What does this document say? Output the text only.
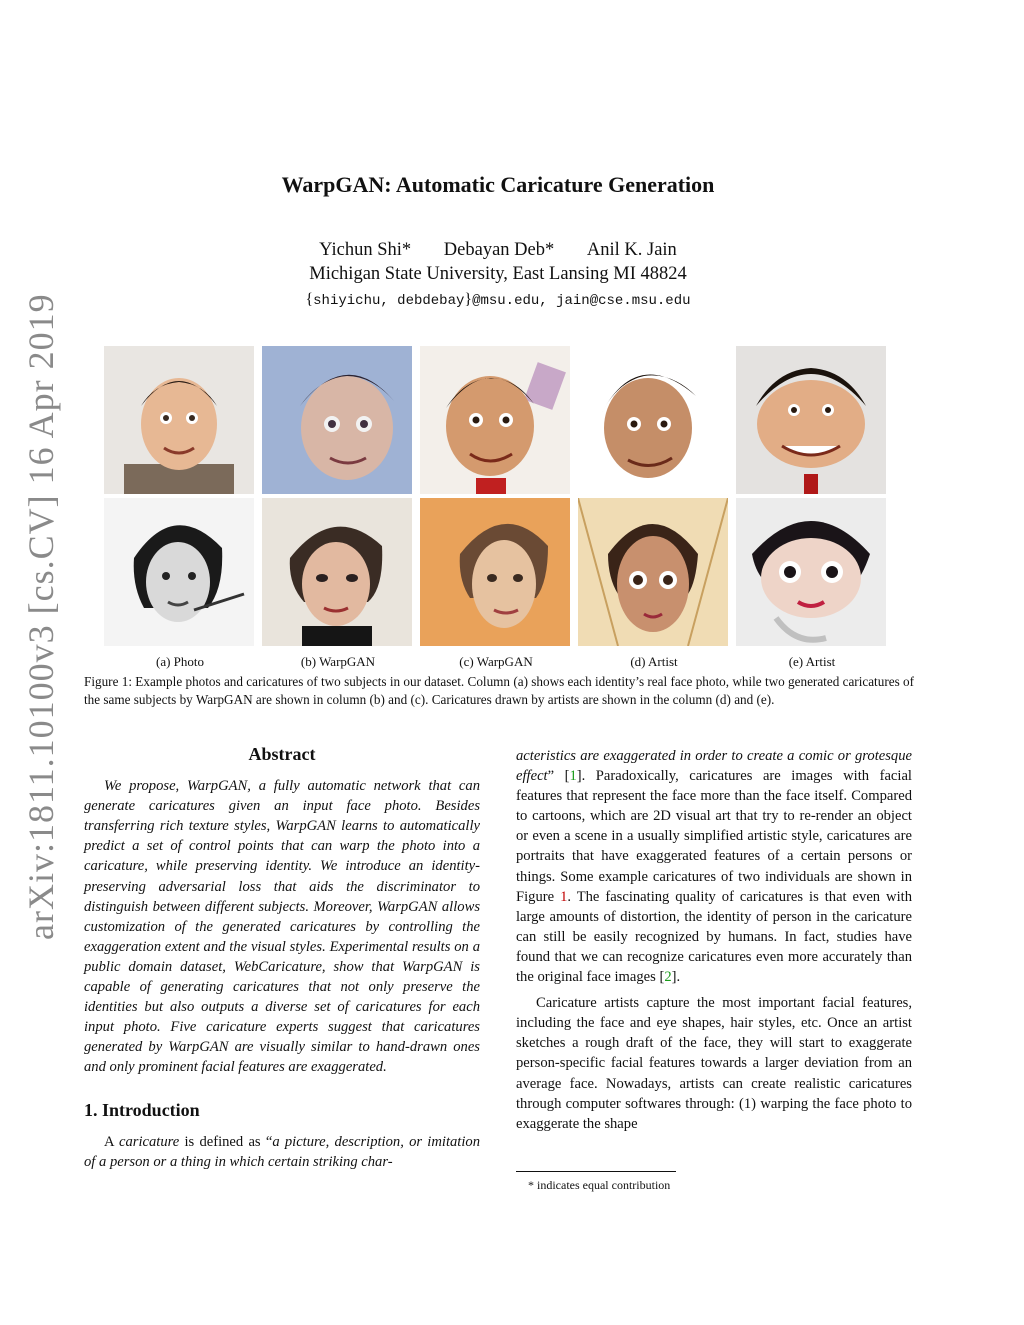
arXiv:1811.10100v3 [cs.CV] 16 Apr 2019
WarpGAN: Automatic Caricature Generation
Yichun Shi* Debayan Deb* Anil K. Jain
Michigan State University, East Lansing MI 48824
{shiyichu, debdebay}@msu.edu, jain@cse.msu.edu
(a) Photo	(b) WarpGAN	(c) WarpGAN	(d) Artist	(e) Artist
Figure 1: Example photos and caricatures of two subjects in our dataset. Column (a) shows each identity’s real face photo, while two generated caricatures of the same subjects by WarpGAN are shown in column (b) and (c). Caricatures drawn by artists are shown in the column (d) and (e).
Abstract

We propose, WarpGAN, a fully automatic network that can generate caricatures given an input face photo. Besides transferring rich texture styles, WarpGAN learns to automatically predict a set of control points that can warp the photo into a caricature, while preserving identity. We introduce an identity-preserving adversarial loss that aids the discriminator to distinguish between different subjects. Moreover, WarpGAN allows customization of the generated caricatures by controlling the exaggeration extent and the visual styles. Experimental results on a public domain dataset, WebCaricature, show that WarpGAN is capable of generating caricatures that not only preserve the identities but also outputs a diverse set of caricatures for each input photo. Five caricature experts suggest that caricatures generated by WarpGAN are visually similar to hand-drawn ones and only prominent facial features are exaggerated.

1. Introduction

A caricature is defined as “a picture, description, or imitation of a person or a thing in which certain striking char-

acteristics are exaggerated in order to create a comic or grotesque effect” [1]. Paradoxically, caricatures are images with facial features that represent the face more than the face itself. Compared to cartoons, which are 2D visual art that try to re-render an object or even a scene in a usually simplified artistic style, caricatures are portraits that have exaggerated features of a certain persons or things. Some example caricatures of two individuals are shown in Figure 1. The fascinating quality of caricatures is that even with large amounts of distortion, the identity of person in the caricature can still be easily recognized by humans. In fact, studies have found that we can recognize caricatures even more accurately than the original face images [2].

Caricature artists capture the most important facial features, including the face and eye shapes, hair styles, etc. Once an artist sketches a rough draft of the face, they will start to exaggerate person-specific facial features towards a larger deviation from an average face. Nowadays, artists can create realistic caricatures through computer softwares through: (1) warping the face photo to exaggerate the shape

* indicates equal contribution
